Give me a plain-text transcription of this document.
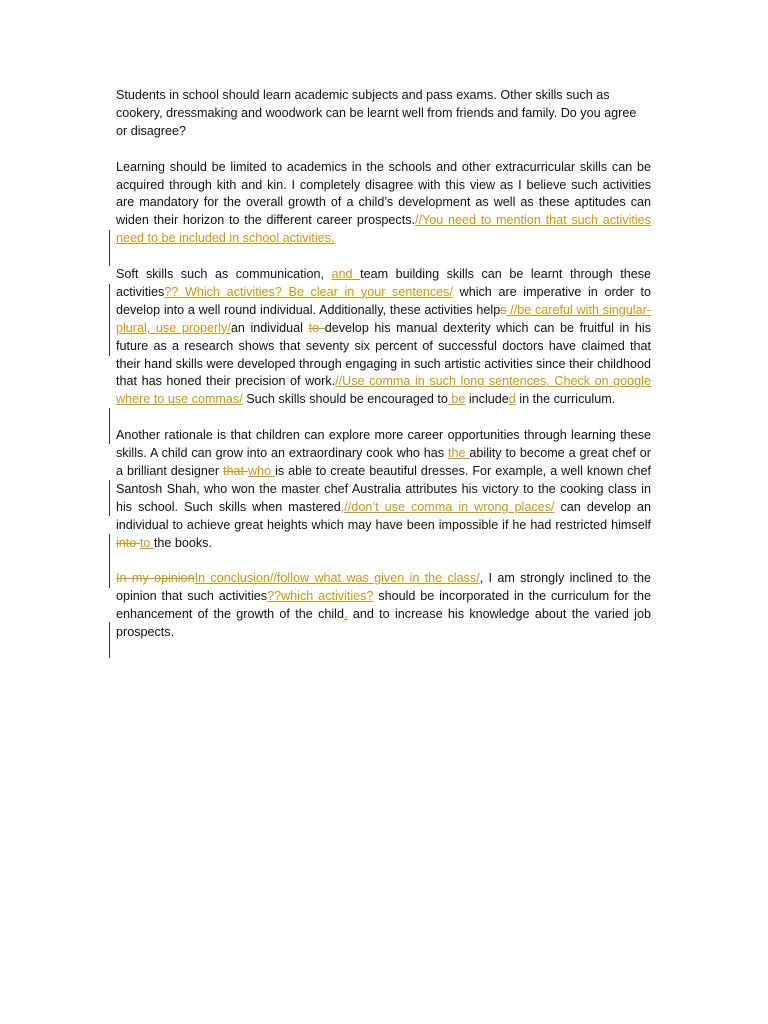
Students in school should learn academic subjects and pass exams. Other skills such as cookery, dressmaking and woodwork can be learnt well from friends and family. Do you agree or disagree?

Learning should be limited to academics in the schools and other extracurricular skills can be acquired through kith and kin. I completely disagree with this view as I believe such activities are mandatory for the overall growth of a child’s development as well as these aptitudes can widen their horizon to the different career prospects.//You need to mention that such activities need to be included in school activities.

Soft skills such as communication, and team building skills can be learnt through these activities?? Which activities? Be clear in your sentences/ which are imperative in order to develop into a well round individual. Additionally, these activities helps //be careful with singular-plural, use properly/an individual to develop his manual dexterity which can be fruitful in his future as a research shows that seventy six percent of successful doctors have claimed that their hand skills were developed through engaging in such artistic activities since their childhood that has honed their precision of work.//Use comma in such long sentences. Check on google where to use commas/ Such skills should be encouraged to be included in the curriculum.

Another rationale is that children can explore more career opportunities through learning these skills. A child can grow into an extraordinary cook who has the ability to become a great chef or a brilliant designer that who is able to create beautiful dresses. For example, a well known chef Santosh Shah, who won the master chef Australia attributes his victory to the cooking class in his school. Such skills when mastered,//don’t use comma in wrong places/ can develop an individual to achieve great heights which may have been impossible if he had restricted himself into to the books.

In my opinionIn conclusion//follow what was given in the class/, I am strongly inclined to the opinion that such activities??which activities? should be incorporated in the curriculum for the enhancement of the growth of the child, and to increase his knowledge about the varied job prospects.
